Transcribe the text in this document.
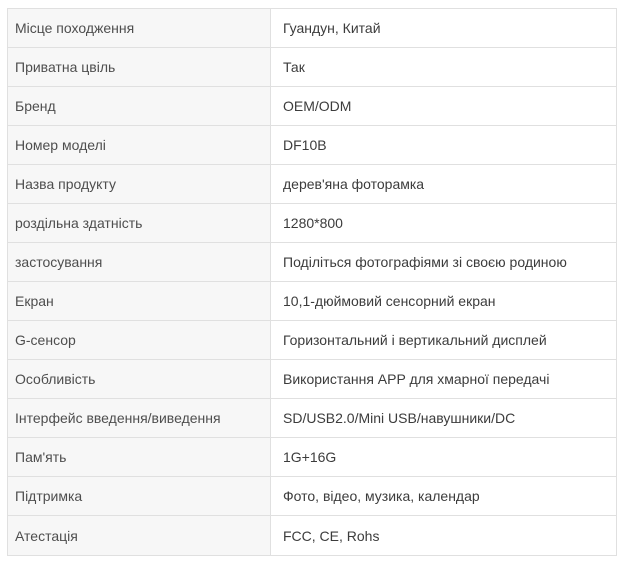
Місце походження	Гуандун, Китай
Приватна цвіль	Так
Бренд	OEM/ODM
Номер моделі	DF10B
Назва продукту	дерев'яна фоторамка
роздільна здатність	1280*800
застосування	Поділіться фотографіями зі своєю родиною
Екран	10,1-дюймовий сенсорний екран
G-сенсор	Горизонтальний і вертикальний дисплей
Особливість	Використання APP для хмарної передачі
Інтерфейс введення/виведення	SD/USB2.0/Mini USB/навушники/DC
Пам'ять	1G+16G
Підтримка	Фото, відео, музика, календар
Атестація	FCC, CE, Rohs
